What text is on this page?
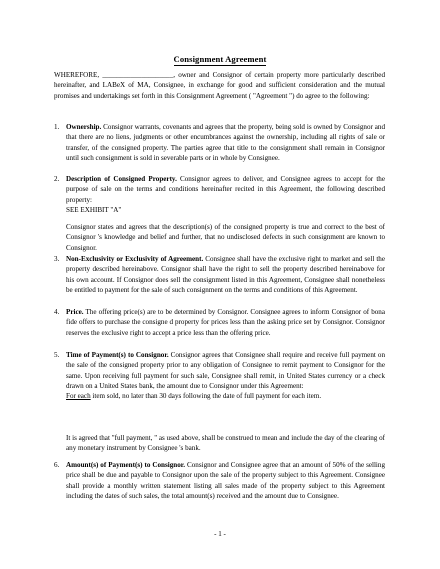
Consignment Agreement
WHEREFORE, ____________________, owner and Consignor of certain property more particularly described hereinafter, and LABeX of MA, Consignee, in exchange for good and sufficient consideration and the mutual promises and undertakings set forth in this Consignment Agreement ( "Agreement ") do agree to the following:
1. Ownership. Consignor warrants, covenants and agrees that the property, being sold is owned by Consignor and that there are no liens, judgments or other encumbrances against the ownership, including all rights of sale or transfer, of the consigned property. The parties agree that title to the consignment shall remain in Consignor until such consignment is sold in severable parts or in whole by Consignee.
2. Description of Consigned Property. Consignor agrees to deliver, and Consignee agrees to accept for the purpose of sale on the terms and conditions hereinafter recited in this Agreement, the following described property:
SEE EXHIBIT "A"
Consignor states and agrees that the description(s) of the consigned property is true and correct to the best of Consignor 's knowledge and belief and further, that no undisclosed defects in such consignment are known to Consignor.
3. Non-Exclusivity or Exclusivity of Agreement. Consignee shall have the exclusive right to market and sell the property described hereinabove. Consignor shall have the right to sell the property described hereinabove for his own account. If Consignor does sell the consignment listed in this Agreement, Consignee shall nonetheless be entitled to payment for the sale of such consignment on the terms and conditions of this Agreement.
4. Price. The offering price(s) are to be determined by Consignor. Consignee agrees to inform Consignor of bona fide offers to purchase the consigne d property for prices less than the asking price set by Consignor. Consignor reserves the exclusive right to accept a price less than the offering price.
5. Time of Payment(s) to Consignor. Consignor agrees that Consignee shall require and receive full payment on the sale of the consigned property prior to any obligation of Consignee to remit payment to Consignor for the same. Upon receiving full payment for such sale, Consignee shall remit, in United States currency or a check drawn on a United States bank, the amount due to Consignor under this Agreement:
For each item sold, no later than 30 days following the date of full payment for each item.
It is agreed that "full payment, " as used above, shall be construed to mean and include the day of the clearing of any monetary instrument by Consignee 's bank.
6. Amount(s) of Payment(s) to Consignor. Consignor and Consignee agree that an amount of 50% of the selling price shall be due and payable to Consignor upon the sale of the property subject to this Agreement. Consignee shall provide a monthly written statement listing all sales made of the property subject to this Agreement including the dates of such sales, the total amount(s) received and the amount due to Consignee.
- 1 -
